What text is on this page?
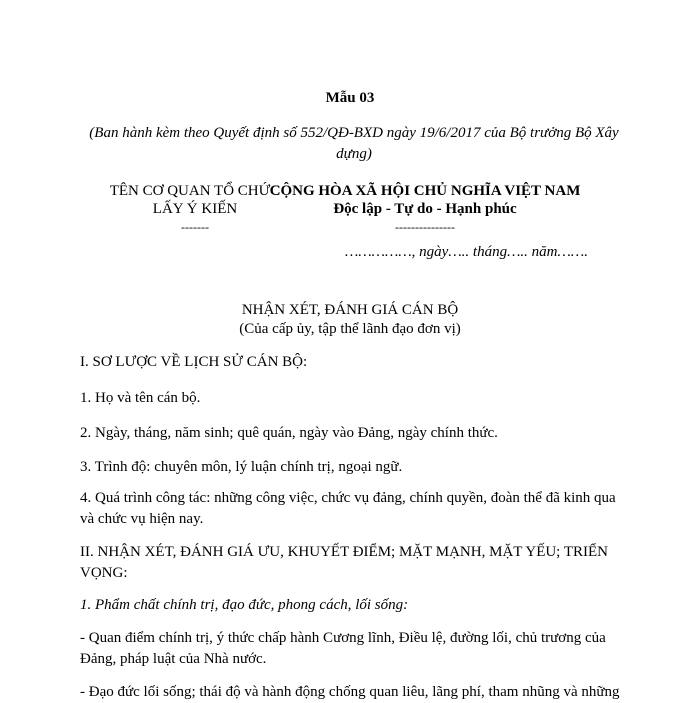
Mẫu 03
(Ban hành kèm theo Quyết định số 552/QĐ-BXD ngày 19/6/2017 của Bộ trưởng Bộ Xây dựng)
TÊN CƠ QUAN TỔ CHỨC
LẤY Ý KIẾN
-------
CỘNG HÒA XÃ HỘI CHỦ NGHĨA VIỆT NAM
Độc lập - Tự do - Hạnh phúc
---------------
……………, ngày….. tháng….. năm…….
NHẬN XÉT, ĐÁNH GIÁ CÁN BỘ
(Của cấp ủy, tập thể lãnh đạo đơn vị)
I. SƠ LƯỢC VỀ LỊCH SỬ CÁN BỘ:
1. Họ và tên cán bộ.
2. Ngày, tháng, năm sinh; quê quán, ngày vào Đảng, ngày chính thức.
3. Trình độ: chuyên môn, lý luận chính trị, ngoại ngữ.
4. Quá trình công tác: những công việc, chức vụ đảng, chính quyền, đoàn thể đã kinh qua và chức vụ hiện nay.
II. NHẬN XÉT, ĐÁNH GIÁ ƯU, KHUYẾT ĐIỂM; MẶT MẠNH, MẶT YẾU; TRIỂN VỌNG:
1. Phẩm chất chính trị, đạo đức, phong cách, lối sống:
- Quan điểm chính trị, ý thức chấp hành Cương lĩnh, Điều lệ, đường lối, chủ trương của Đảng, pháp luật của Nhà nước.
- Đạo đức lối sống; thái độ và hành động chống quan liêu, lãng phí, tham nhũng và những
